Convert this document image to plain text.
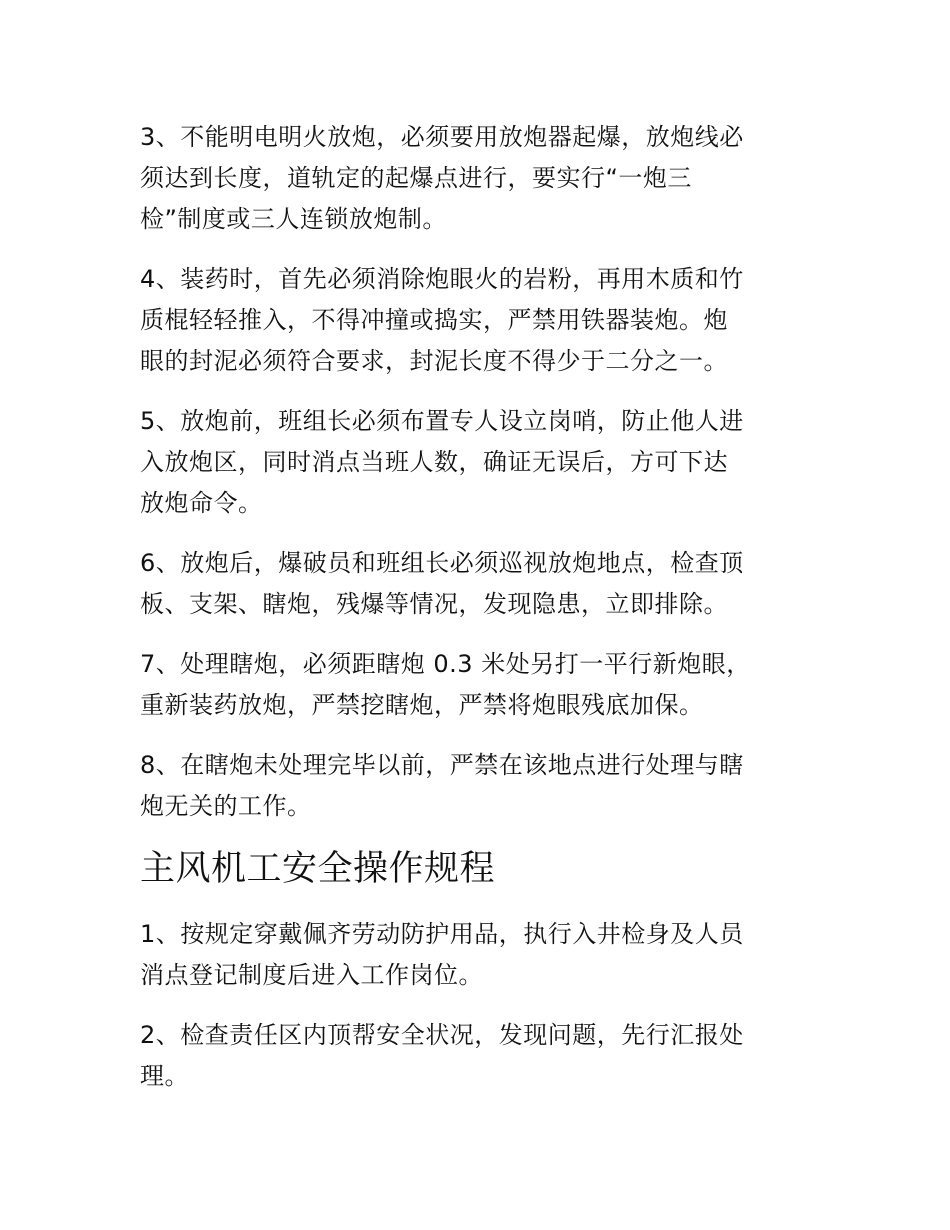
3、不能明电明火放炮，必须要用放炮器起爆，放炮线必
须达到长度，道轨定的起爆点进行，要实行“一炮三
检”制度或三人连锁放炮制。
4、装药时，首先必须消除炮眼火的岩粉，再用木质和竹
质棍轻轻推入，不得冲撞或捣实，严禁用铁器装炮。炮
眼的封泥必须符合要求，封泥长度不得少于二分之一。
5、放炮前，班组长必须布置专人设立岗哨，防止他人进
入放炮区，同时消点当班人数，确证无误后，方可下达
放炮命令。
6、放炮后，爆破员和班组长必须巡视放炮地点，检查顶
板、支架、瞎炮，残爆等情况，发现隐患，立即排除。
7、处理瞎炮，必须距瞎炮 0.3 米处另打一平行新炮眼，
重新装药放炮，严禁挖瞎炮，严禁将炮眼残底加保。
8、在瞎炮未处理完毕以前，严禁在该地点进行处理与瞎
炮无关的工作。
主风机工安全操作规程
1、按规定穿戴佩齐劳动防护用品，执行入井检身及人员
消点登记制度后进入工作岗位。
2、检查责任区内顶帮安全状况，发现问题，先行汇报处
理。
